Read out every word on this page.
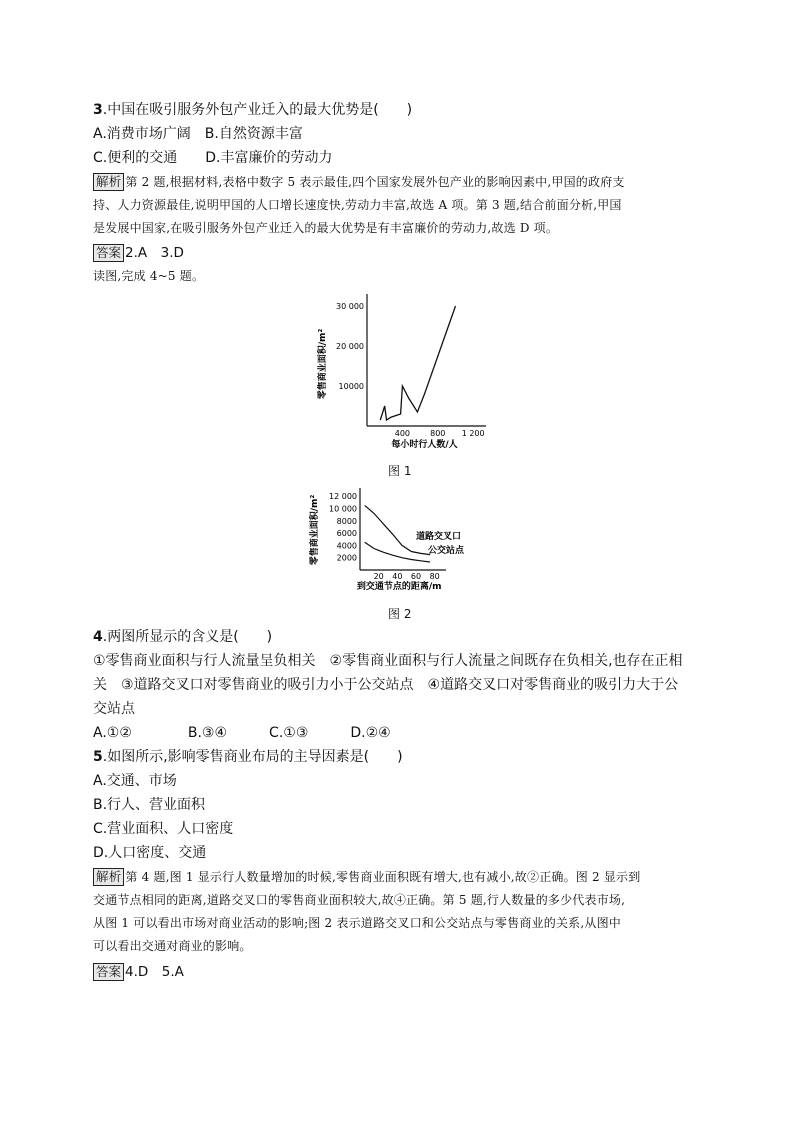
3.中国在吸引服务外包产业迁入的最大优势是(　　)
A.消费市场广阔　B.自然资源丰富
C.便利的交通　　D.丰富廉价的劳动力
解析 第 2 题,根据材料,表格中数字 5 表示最佳,四个国家发展外包产业的影响因素中,甲国的政府支
持、人力资源最佳,说明甲国的人口增长速度快,劳动力丰富,故选 A 项。第 3 题,结合前面分析,甲国
是发展中国家,在吸引服务外包产业迁入的最大优势是有丰富廉价的劳动力,故选 D 项。
答案 2.A　3.D
读图,完成 4~5 题。
10000
20 000
30 000
400	800 1 200
每小时行人数/人
零售商业面积/m²
图 1
2000
4000
6000
8000
10 000
12 000
20 40 60 80
到交通节点的距离/m
零售商业面积/m²	道路交叉口
公交站点
图 2
4.两图所显示的含义是(　　)
①零售商业面积与行人流量呈负相关　②零售商业面积与行人流量之间既存在负相关,也存在正相
关　③道路交叉口对零售商业的吸引力小于公交站点　④道路交叉口对零售商业的吸引力大于公
交站点
A.①②　　　　B.③④　　　C.①③　　　D.②④
5.如图所示,影响零售商业布局的主导因素是(　　)
A.交通、市场
B.行人、营业面积
C.营业面积、人口密度
D.人口密度、交通
解析 第 4 题,图 1 显示行人数量增加的时候,零售商业面积既有增大,也有减小,故②正确。图 2 显示到
交通节点相同的距离,道路交叉口的零售商业面积较大,故④正确。第 5 题,行人数量的多少代表市场,
从图 1 可以看出市场对商业活动的影响;图 2 表示道路交叉口和公交站点与零售商业的关系,从图中
可以看出交通对商业的影响。
答案 4.D　5.A
